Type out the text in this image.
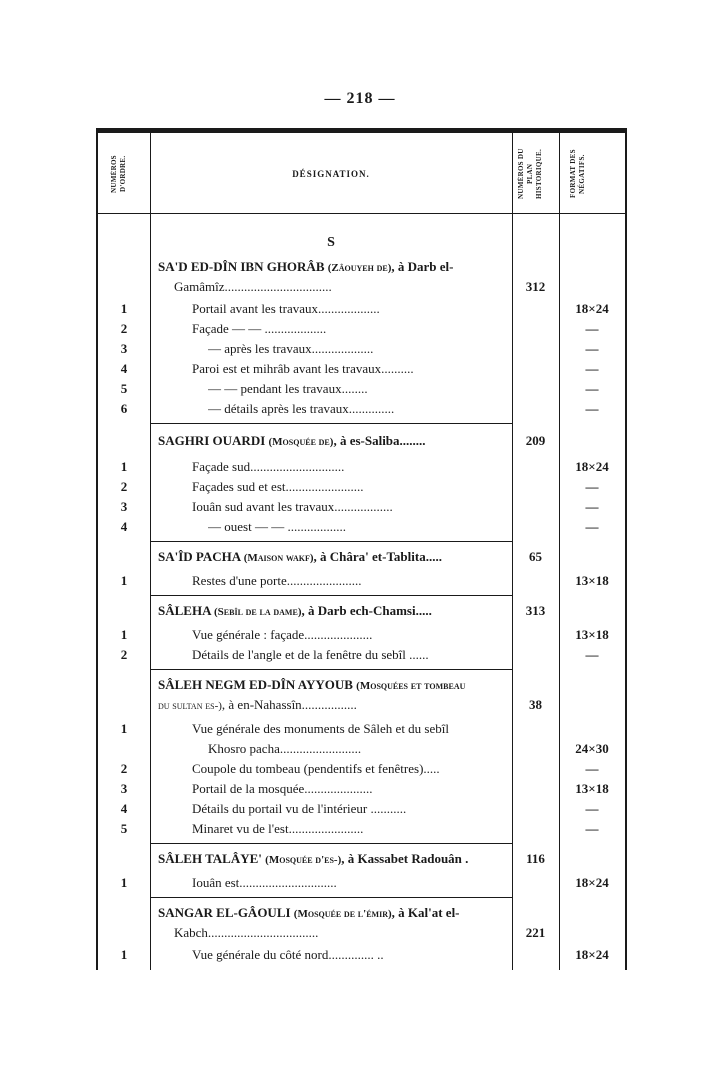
— 218 —
NUMÉROS D'ORDRE.	DÉSIGNATION.	NUMÉROS DU PLAN HISTORIQUE.	FORMAT DES NÉGATIFS.
S
SA'D ED-DÎN IBN GHORÂB (Zâouyeh de), à Darb el-
Gamâmîz.................................	312
1	Portail avant les travaux...................	18×24
2	Façade — — ...................	—
3	— après les travaux...................	—
4	Paroi est et mihrâb avant les travaux..........	—
5	— — pendant les travaux........	—
6	— détails après les travaux..............	—
SAGHRI OUARDI (Mosquée de), à es-Saliba........	209
1	Façade sud.............................	18×24
2	Façades sud et est........................	—
3	Iouân sud avant les travaux..................	—
4	— ouest — — ..................	—
SA'ÎD PACHA (Maison wakf), à Châra' et-Tablita.....	65
1	Restes d'une porte.......................	13×18
SÂLEHA (Sebîl de la dame), à Darb ech-Chamsi.....	313
1	Vue générale : façade.....................	13×18
2	Détails de l'angle et de la fenêtre du sebîl ......	—
SÂLEH NEGM ED-DÎN AYYOUB (Mosquées et tombeau
du sultan es-), à en-Nahassîn.................	38
1	Vue générale des monuments de Sâleh et du sebîl
Khosro pacha.........................	24×30
2	Coupole du tombeau (pendentifs et fenêtres).....	—
3	Portail de la mosquée.....................	13×18
4	Détails du portail vu de l'intérieur ...........	—
5	Minaret vu de l'est.......................	—
SÂLEH TALÂYE' (Mosquée d'es-), à Kassabet Radouân .	116
1	Iouân est..............................	18×24
SANGAR EL-GÂOULI (Mosquée de l'émir), à Kal'at el-
Kabch..................................	221
1	Vue générale du côté nord.............. ..	18×24
